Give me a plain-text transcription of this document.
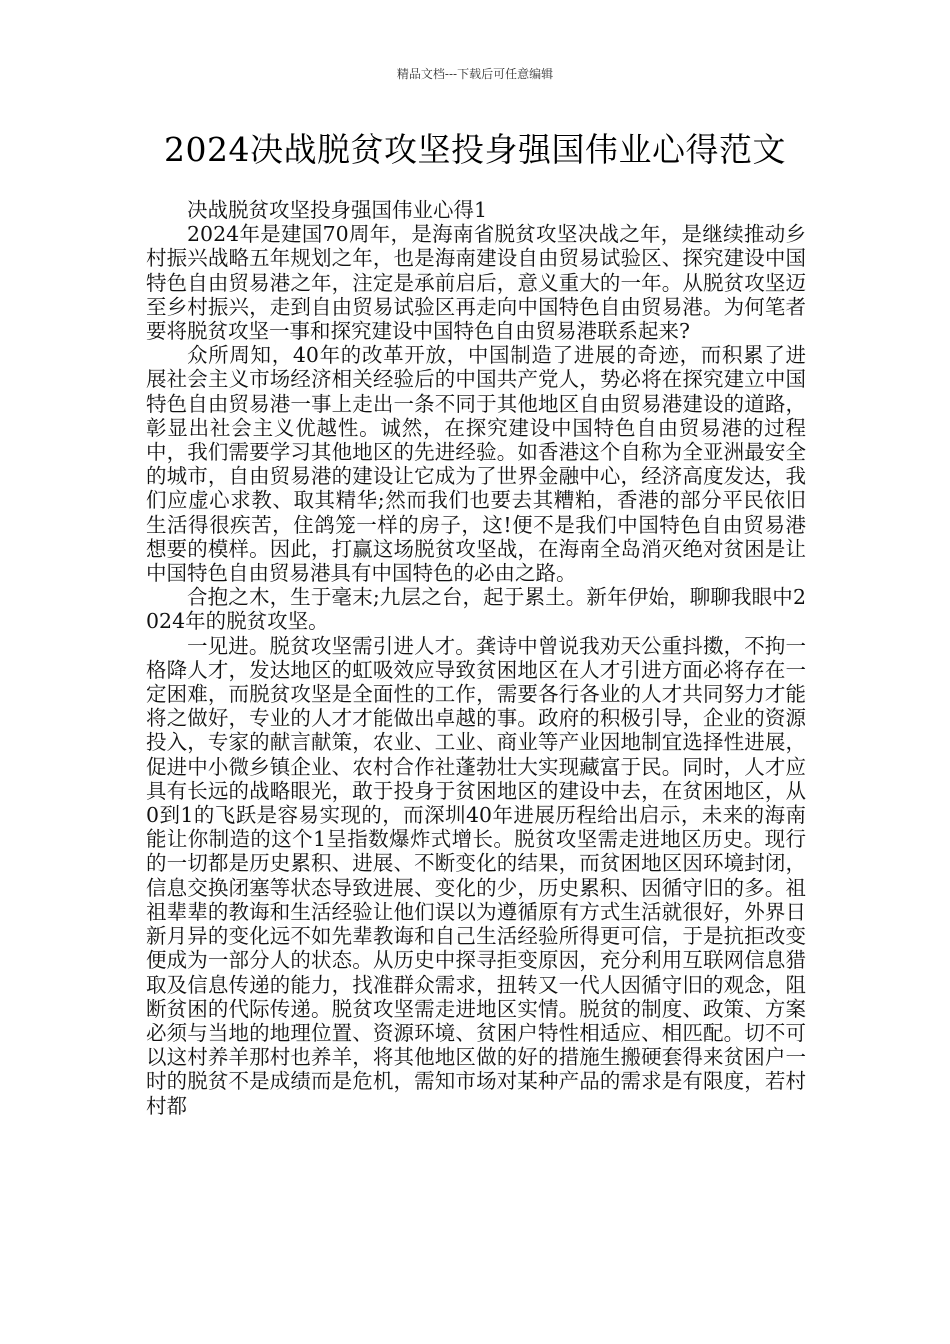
精品文档---下载后可任意编辑
2024决战脱贫攻坚投身强国伟业心得范文

决战脱贫攻坚投身强国伟业心得1

2024年是建国70周年，是海南省脱贫攻坚决战之年，是继续推动乡村振兴战略五年规划之年，也是海南建设自由贸易试验区、探究建设中国特色自由贸易港之年，注定是承前启后，意义重大的一年。从脱贫攻坚迈至乡村振兴，走到自由贸易试验区再走向中国特色自由贸易港。为何笔者要将脱贫攻坚一事和探究建设中国特色自由贸易港联系起来?

众所周知，40年的改革开放，中国制造了进展的奇迹，而积累了进展社会主义市场经济相关经验后的中国共产党人，势必将在探究建立中国特色自由贸易港一事上走出一条不同于其他地区自由贸易港建设的道路，彰显出社会主义优越性。诚然，在探究建设中国特色自由贸易港的过程中，我们需要学习其他地区的先进经验。如香港这个自称为全亚洲最安全的城市，自由贸易港的建设让它成为了世界金融中心，经济高度发达，我们应虚心求教、取其精华;然而我们也要去其糟粕，香港的部分平民依旧生活得很疾苦，住鸽笼一样的房子，这!便不是我们中国特色自由贸易港想要的模样。因此，打赢这场脱贫攻坚战，在海南全岛消灭绝对贫困是让中国特色自由贸易港具有中国特色的必由之路。

合抱之木，生于毫末;九层之台，起于累土。新年伊始，聊聊我眼中2024年的脱贫攻坚。

一见进。脱贫攻坚需引进人才。龚诗中曾说我劝天公重抖擞，不拘一格降人才，发达地区的虹吸效应导致贫困地区在人才引进方面必将存在一定困难，而脱贫攻坚是全面性的工作，需要各行各业的人才共同努力才能将之做好，专业的人才才能做出卓越的事。政府的积极引导，企业的资源投入，专家的献言献策，农业、工业、商业等产业因地制宜选择性进展，促进中小微乡镇企业、农村合作社蓬勃壮大实现藏富于民。同时，人才应具有长远的战略眼光，敢于投身于贫困地区的建设中去，在贫困地区，从0到1的飞跃是容易实现的，而深圳40年进展历程给出启示，未来的海南能让你制造的这个1呈指数爆炸式增长。脱贫攻坚需走进地区历史。现行的一切都是历史累积、进展、不断变化的结果，而贫困地区因环境封闭，信息交换闭塞等状态导致进展、变化的少，历史累积、因循守旧的多。祖祖辈辈的教诲和生活经验让他们误以为遵循原有方式生活就很好，外界日新月异的变化远不如先辈教诲和自己生活经验所得更可信，于是抗拒改变便成为一部分人的状态。从历史中探寻拒变原因，充分利用互联网信息猎取及信息传递的能力，找准群众需求，扭转又一代人因循守旧的观念，阻断贫困的代际传递。脱贫攻坚需走进地区实情。脱贫的制度、政策、方案必须与当地的地理位置、资源环境、贫困户特性相适应、相匹配。切不可以这村养羊那村也养羊，将其他地区做的好的措施生搬硬套得来贫困户一时的脱贫不是成绩而是危机，需知市场对某种产品的需求是有限度，若村村都
